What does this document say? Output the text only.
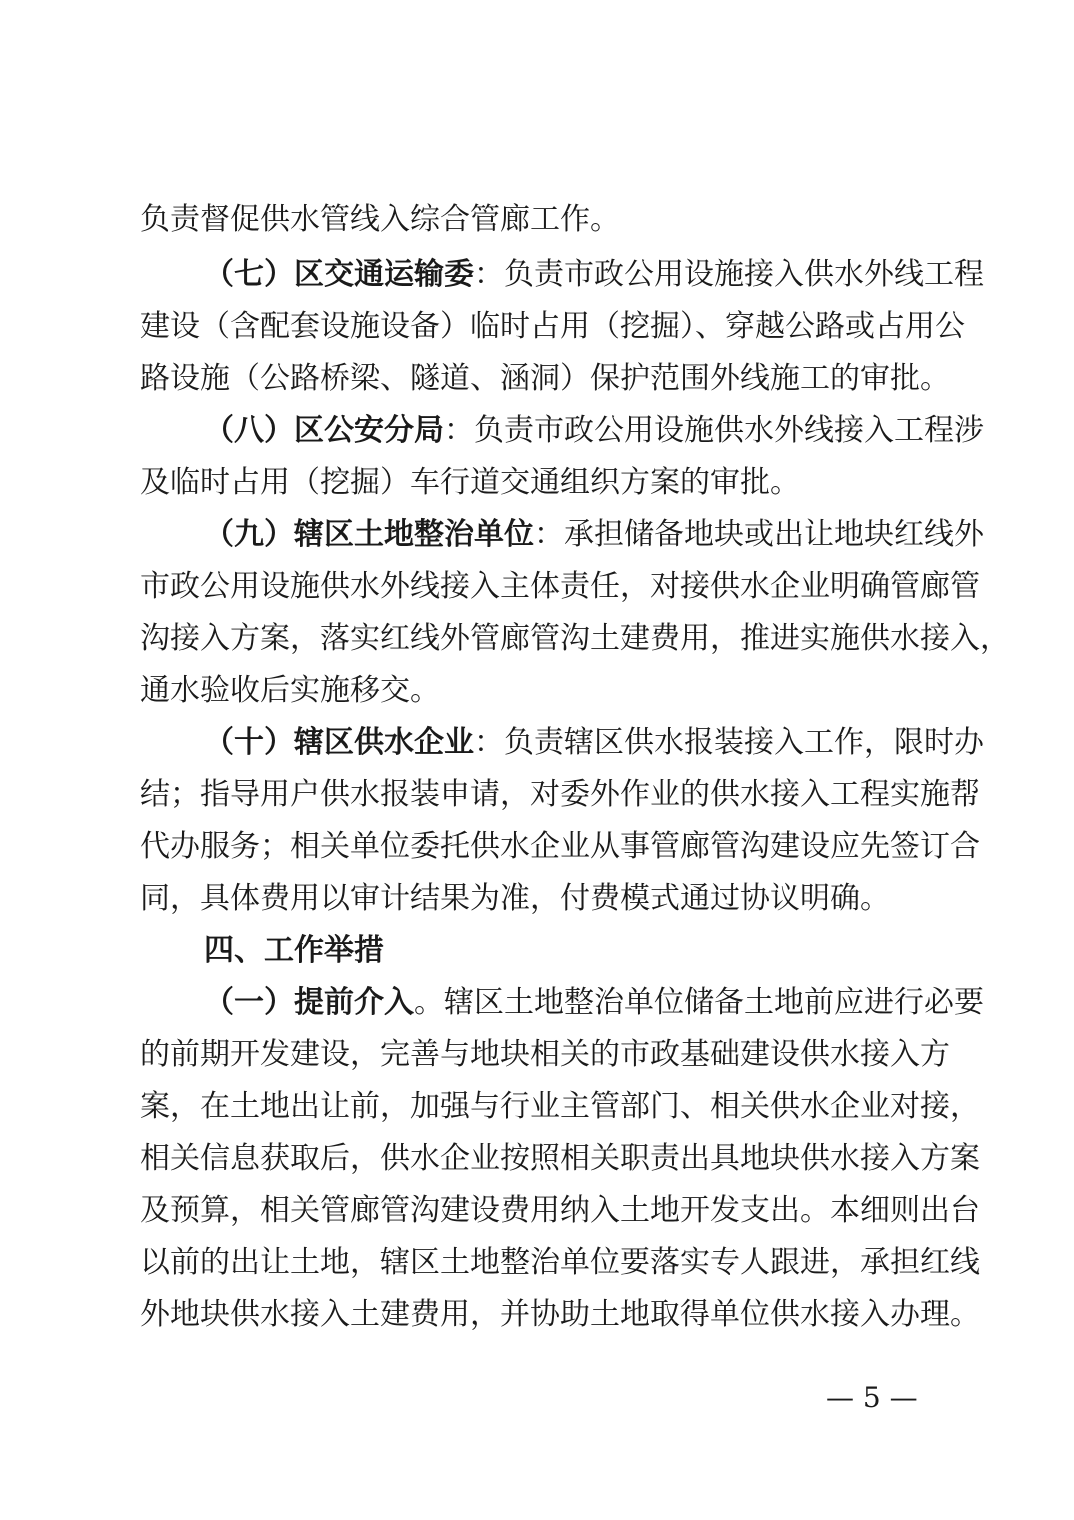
负责督促供水管线入综合管廊工作。
（七）区交通运输委：负责市政公用设施接入供水外线工程
建设（含配套设施设备）临时占用（挖掘）、穿越公路或占用公
路设施（公路桥梁、隧道、涵洞）保护范围外线施工的审批。
（八）区公安分局：负责市政公用设施供水外线接入工程涉
及临时占用（挖掘）车行道交通组织方案的审批。
（九）辖区土地整治单位：承担储备地块或出让地块红线外
市政公用设施供水外线接入主体责任，对接供水企业明确管廊管
沟接入方案，落实红线外管廊管沟土建费用，推进实施供水接入，
通水验收后实施移交。
（十）辖区供水企业：负责辖区供水报装接入工作，限时办
结；指导用户供水报装申请，对委外作业的供水接入工程实施帮
代办服务；相关单位委托供水企业从事管廊管沟建设应先签订合
同，具体费用以审计结果为准，付费模式通过协议明确。
四、工作举措
（一）提前介入。辖区土地整治单位储备土地前应进行必要
的前期开发建设，完善与地块相关的市政基础建设供水接入方
案，在土地出让前，加强与行业主管部门、相关供水企业对接，
相关信息获取后，供水企业按照相关职责出具地块供水接入方案
及预算，相关管廊管沟建设费用纳入土地开发支出。本细则出台
以前的出让土地，辖区土地整治单位要落实专人跟进，承担红线
外地块供水接入土建费用，并协助土地取得单位供水接入办理。
— 5 —
